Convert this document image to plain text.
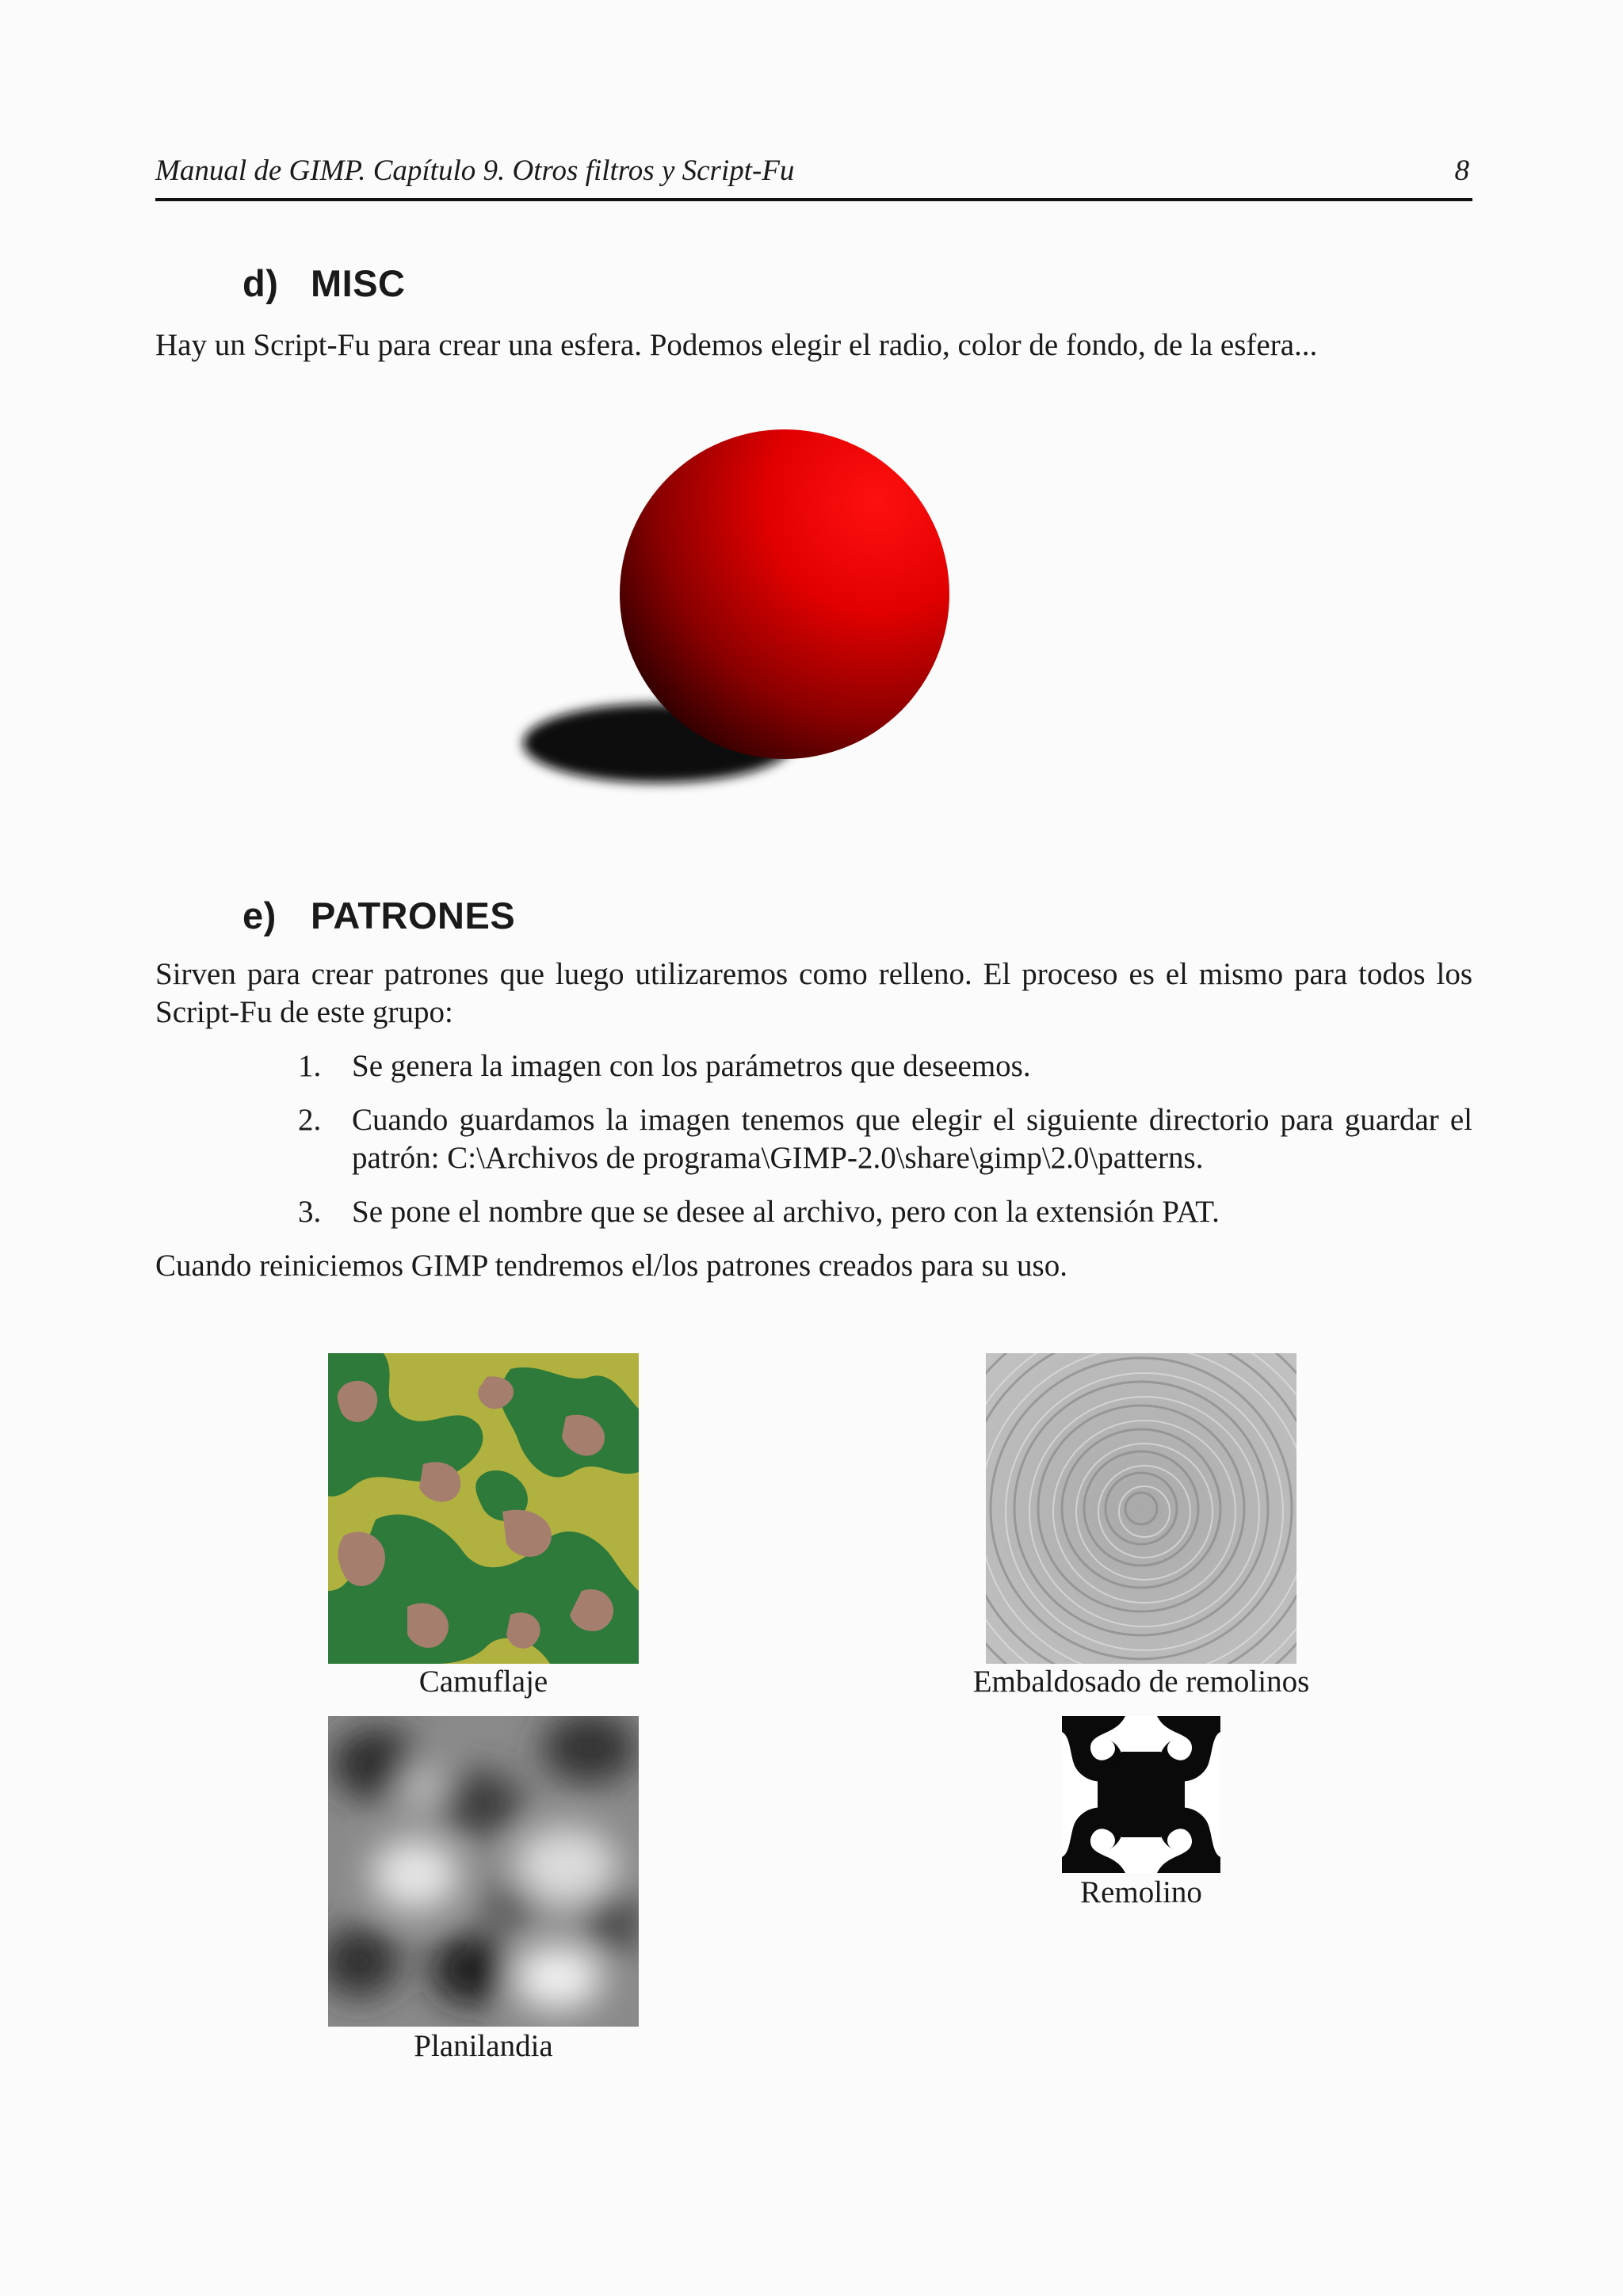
Manual de GIMP. Capítulo 9. Otros filtros y Script-Fu	8
d) MISC
Hay un Script-Fu para crear una esfera. Podemos elegir el radio, color de fondo, de la esfera...
e) PATRONES
Sirven para crear patrones que luego utilizaremos como relleno. El proceso es el mismo para todos los Script-Fu de este grupo:
1. Se genera la imagen con los parámetros que deseemos.
2. Cuando guardamos la imagen tenemos que elegir el siguiente directorio para guardar el patrón: C:\Archivos de programa\GIMP-2.0\share\gimp\2.0\patterns.
3. Se pone el nombre que se desee al archivo, pero con la extensión PAT.
Cuando reiniciemos GIMP tendremos el/los patrones creados para su uso.
Camuflaje	Embaldosado de remolinos
Planilandia
Remolino
